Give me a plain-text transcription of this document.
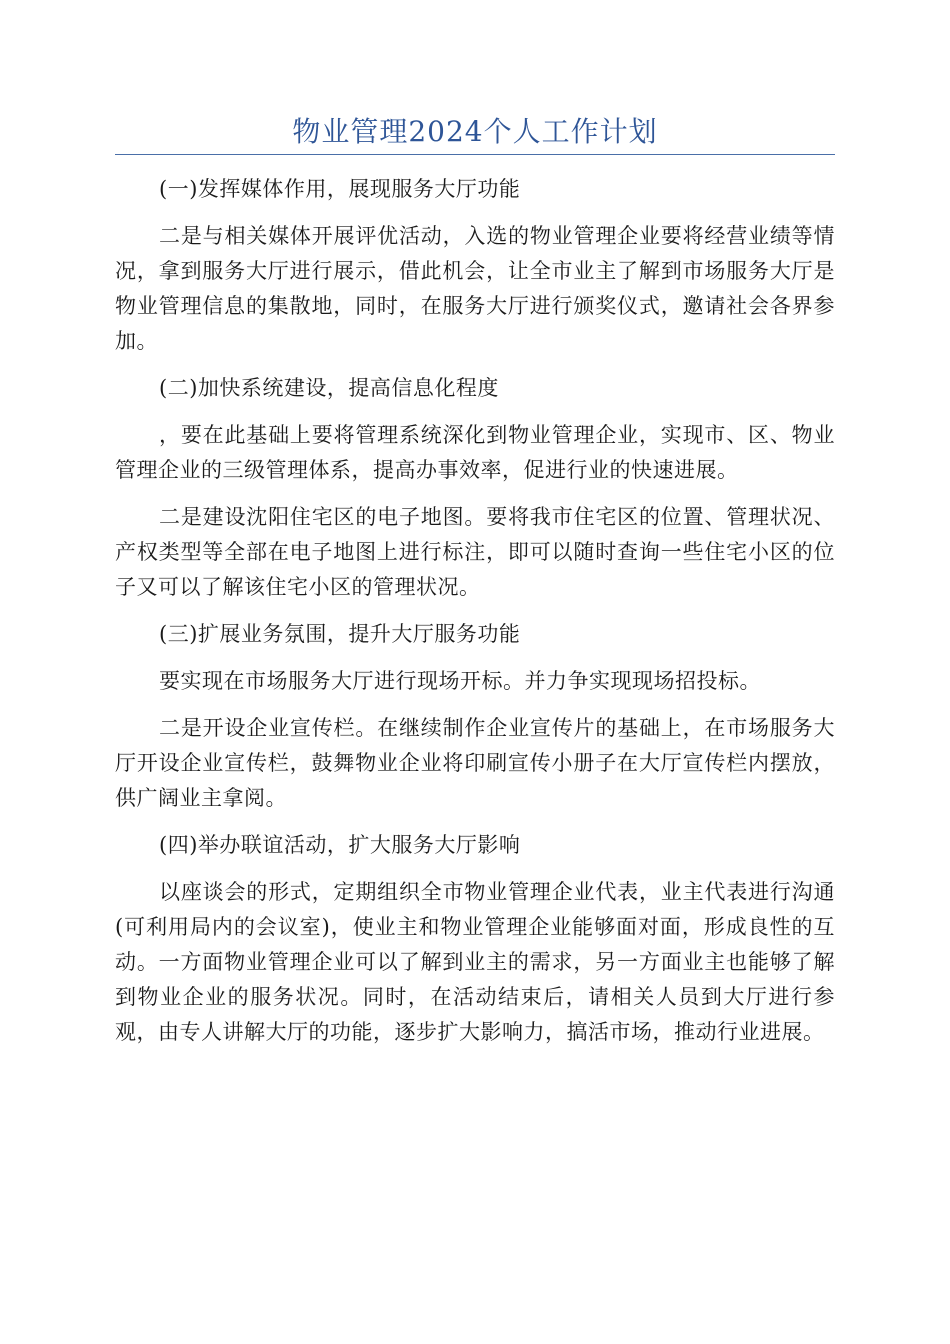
物业管理2024个人工作计划

(一)发挥媒体作用，展现服务大厅功能

二是与相关媒体开展评优活动，入选的物业管理企业要将经营业绩等情况，拿到服务大厅进行展示，借此机会，让全市业主了解到市场服务大厅是物业管理信息的集散地，同时，在服务大厅进行颁奖仪式，邀请社会各界参加。

(二)加快系统建设，提高信息化程度

，要在此基础上要将管理系统深化到物业管理企业，实现市、区、物业管理企业的三级管理体系，提高办事效率，促进行业的快速进展。

二是建设沈阳住宅区的电子地图。要将我市住宅区的位置、管理状况、产权类型等全部在电子地图上进行标注，即可以随时查询一些住宅小区的位子又可以了解该住宅小区的管理状况。

(三)扩展业务氛围，提升大厅服务功能

要实现在市场服务大厅进行现场开标。并力争实现现场招投标。

二是开设企业宣传栏。在继续制作企业宣传片的基础上，在市场服务大厅开设企业宣传栏，鼓舞物业企业将印刷宣传小册子在大厅宣传栏内摆放，供广阔业主拿阅。

(四)举办联谊活动，扩大服务大厅影响

以座谈会的形式，定期组织全市物业管理企业代表，业主代表进行沟通(可利用局内的会议室)，使业主和物业管理企业能够面对面，形成良性的互动。一方面物业管理企业可以了解到业主的需求，另一方面业主也能够了解到物业企业的服务状况。同时，在活动结束后，请相关人员到大厅进行参观，由专人讲解大厅的功能，逐步扩大影响力，搞活市场，推动行业进展。
